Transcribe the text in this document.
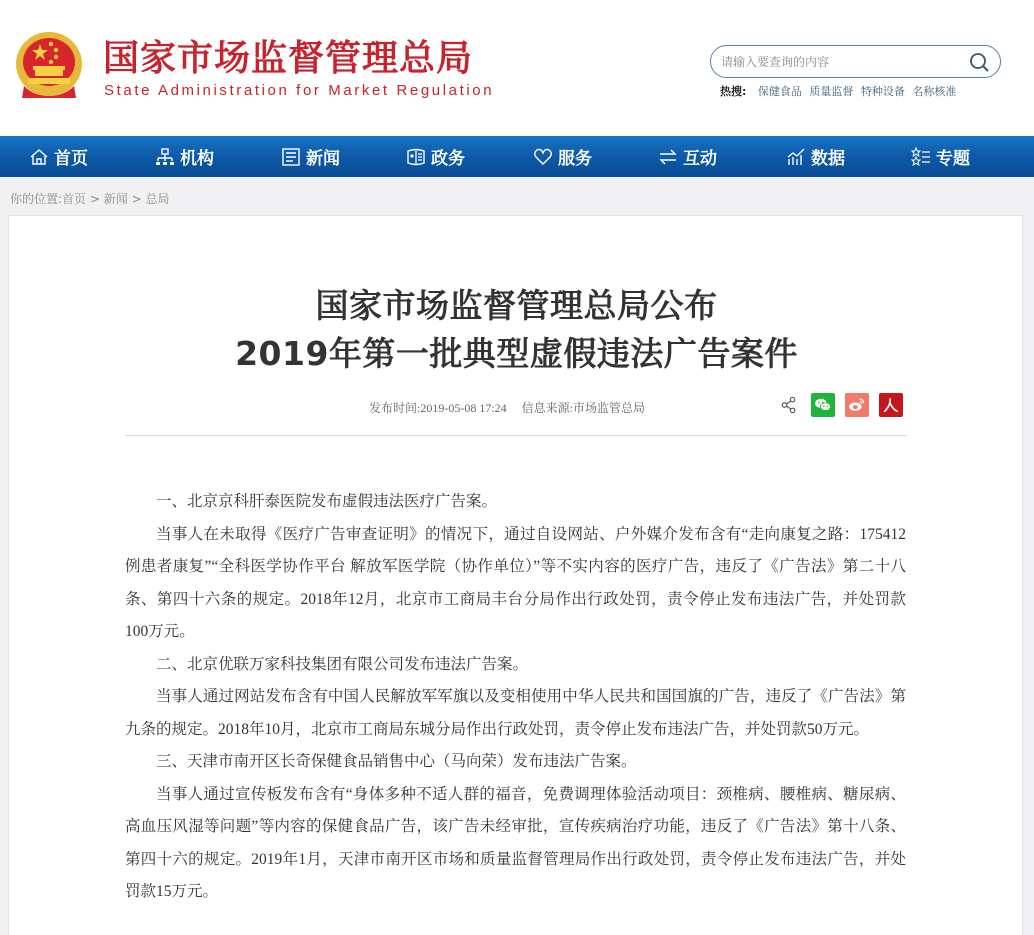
国家市场监督管理总局
State Administration for Market Regulation
请输入要查询的内容	热搜: 保健食品 质量监督 特种设备 名称核准
首页	机构	新闻	政务	服务	互动	数据	专题
你的位置:首页 > 新闻 > 总局
国家市场监督管理总局公布
2019年第一批典型虚假违法广告案件
发布时间:2019-05-08 17:24 信息来源:市场监管总局

一、北京京科肝泰医院发布虚假违法医疗广告案。

当事人在未取得《医疗广告审查证明》的情况下，通过自设网站、户外媒介发布含有“走向康复之路：175412例患者康复”“全科医学协作平台 解放军医学院（协作单位）”等不实内容的医疗广告，违反了《广告法》第二十八条、第四十六条的规定。2018年12月，北京市工商局丰台分局作出行政处罚，责令停止发布违法广告，并处罚款100万元。

二、北京优联万家科技集团有限公司发布违法广告案。

当事人通过网站发布含有中国人民解放军军旗以及变相使用中华人民共和国国旗的广告，违反了《广告法》第九条的规定。2018年10月，北京市工商局东城分局作出行政处罚，责令停止发布违法广告，并处罚款50万元。

三、天津市南开区长奇保健食品销售中心（马向荣）发布违法广告案。

当事人通过宣传板发布含有“身体多种不适人群的福音，免费调理体验活动项目：颈椎病、腰椎病、糖尿病、高血压风湿等问题”等内容的保健食品广告，该广告未经审批，宣传疾病治疗功能，违反了《广告法》第十八条、第四十六的规定。2019年1月，天津市南开区市场和质量监督管理局作出行政处罚，责令停止发布违法广告，并处罚款15万元。
